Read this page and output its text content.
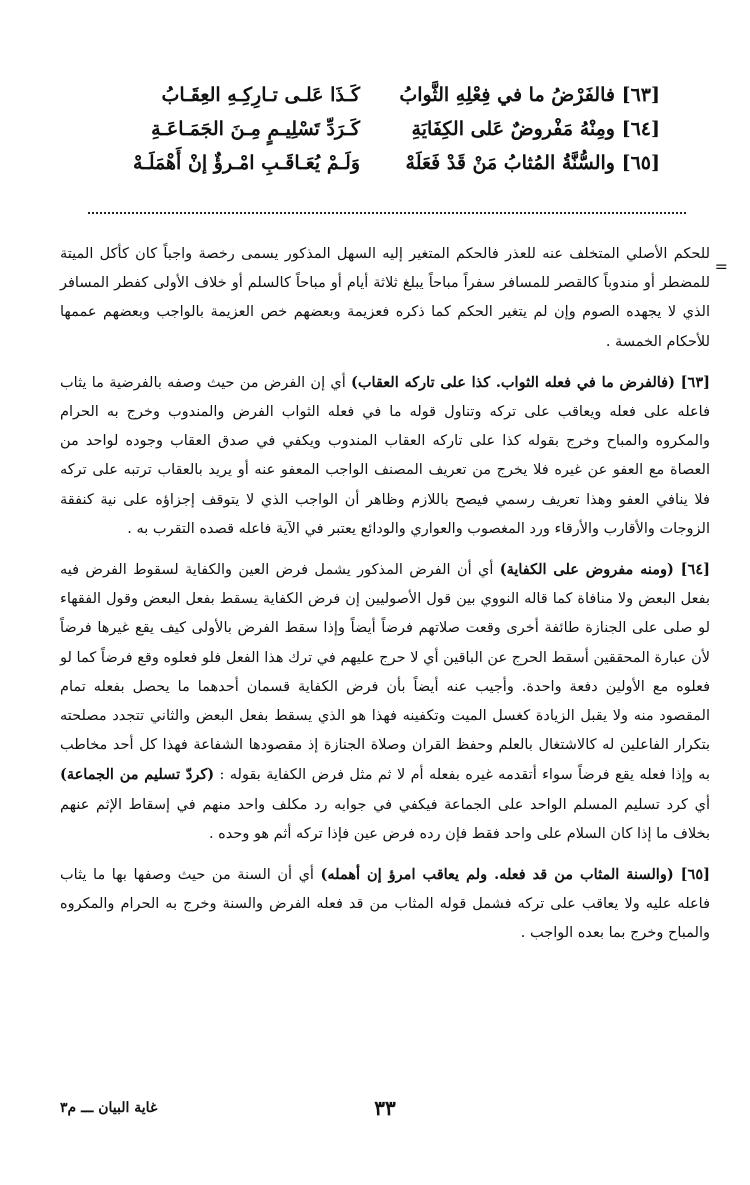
[٦٣] فالفَرْضُ ما في فِعْلِهِ الثَّوابُ
كَـذَا عَلـى تـارِكِـهِ العِقَـابُ
[٦٤] ومِنْهُ مَفْروضٌ عَلى الكِفَايَةِ
كَـرَدِّ تَسْلِيـمٍ مِـنَ الجَمَـاعَـةِ
[٦٥] والسُّنَّةُ المُثابُ مَنْ قَدْ فَعَلَهْ
وَلَـمْ يُعَـاقَـبِ امْـرؤٌ إنْ أَهْمَلَـهْ

=
للحكم الأصلي المتخلف عنه للعذر فالحكم المتغير إليه السهل المذكور يسمى رخصة واجباً كان كأكل الميتة للمضطر أو مندوباً كالقصر للمسافر سفراً مباحاً يبلغ ثلاثة أيام أو مباحاً كالسلم أو خلاف الأولى كفطر المسافر الذي لا يجهده الصوم وإن لم يتغير الحكم كما ذكره فعزيمة وبعضهم خص العزيمة بالواجب وبعضهم عممها للأحكام الخمسة .

[٦٣] (فالفرض ما في فعله الثواب. كذا على تاركه العقاب) أي إن الفرض من حيث وصفه بالفرضية ما يثاب فاعله على فعله ويعاقب على تركه وتناول قوله ما في فعله الثواب الفرض والمندوب وخرج به الحرام والمكروه والمباح وخرج بقوله كذا على تاركه العقاب المندوب ويكفي في صدق العقاب وجوده لواحد من العصاة مع العفو عن غيره فلا يخرج من تعريف المصنف الواجب المعفو عنه أو يريد بالعقاب ترتبه على تركه فلا ينافي العفو وهذا تعريف رسمي فيصح باللازم وظاهر أن الواجب الذي لا يتوقف إجزاؤه على نية كنفقة الزوجات والأقارب والأرقاء ورد المغصوب والعواري والودائع يعتبر في الآية فاعله قصده التقرب به .

[٦٤] (ومنه مفروض على الكفاية) أي أن الفرض المذكور يشمل فرض العين والكفاية لسقوط الفرض فيه بفعل البعض ولا منافاة كما قاله النووي بين قول الأصوليين إن فرض الكفاية يسقط بفعل البعض وقول الفقهاء لو صلى على الجنازة طائفة أخرى وقعت صلاتهم فرضاً أيضاً وإذا سقط الفرض بالأولى كيف يقع غيرها فرضاً لأن عبارة المحققين أسقط الحرج عن الباقين أي لا حرج عليهم في ترك هذا الفعل فلو فعلوه وقع فرضاً كما لو فعلوه مع الأولين دفعة واحدة. وأجيب عنه أيضاً بأن فرض الكفاية قسمان أحدهما ما يحصل بفعله تمام المقصود منه ولا يقبل الزيادة كغسل الميت وتكفينه فهذا هو الذي يسقط بفعل البعض والثاني تتجدد مصلحته بتكرار الفاعلين له كالاشتغال بالعلم وحفظ القران وصلاة الجنازة إذ مقصودها الشفاعة فهذا كل أحد مخاطب به وإذا فعله يقع فرضاً سواء أتقدمه غيره بفعله أم لا ثم مثل فرض الكفاية بقوله : (كردّ تسليم من الجماعة) أي كرد تسليم المسلم الواحد على الجماعة فيكفي في جوابه رد مكلف واحد منهم في إسقاط الإثم عنهم بخلاف ما إذا كان السلام على واحد فقط فإن رده فرض عين فإذا تركه أثم هو وحده .

[٦٥] (والسنة المثاب من قد فعله. ولم يعاقب امرؤ إن أهمله) أي أن السنة من حيث وصفها بها ما يثاب فاعله عليه ولا يعاقب على تركه فشمل قوله المثاب من قد فعله الفرض والسنة وخرج به الحرام والمكروه والمباح وخرج بما بعده الواجب .

٣٣
غاية البيان ـــ م٣
